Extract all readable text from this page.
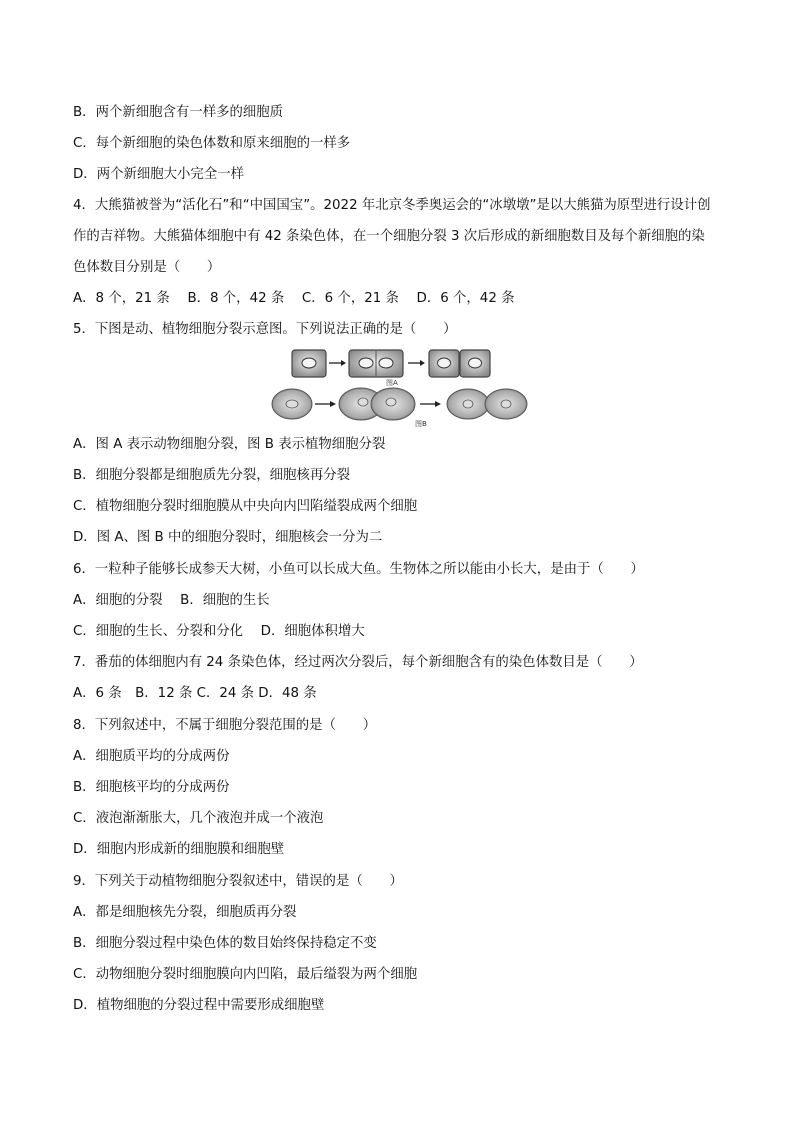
B．两个新细胞含有一样多的细胞质
C．每个新细胞的染色体数和原来细胞的一样多
D．两个新细胞大小完全一样
4．大熊猫被誉为“活化石”和“中国国宝”。2022 年北京冬季奥运会的“冰墩墩”是以大熊猫为原型进行设计创
作的吉祥物。大熊猫体细胞中有 42 条染色体，在一个细胞分裂 3 次后形成的新细胞数目及每个新细胞的染
色体数目分别是（　　）
A．8 个，21 条　 B．8 个，42 条　 C．6 个，21 条　 D．6 个，42 条
5．下图是动、植物细胞分裂示意图。下列说法正确的是（　　）
图A
图B
A．图 A 表示动物细胞分裂，图 B 表示植物细胞分裂
B．细胞分裂都是细胞质先分裂，细胞核再分裂
C．植物细胞分裂时细胞膜从中央向内凹陷缢裂成两个细胞
D．图 A、图 B 中的细胞分裂时，细胞核会一分为二
6．一粒种子能够长成参天大树，小鱼可以长成大鱼。生物体之所以能由小长大，是由于（　　）
A．细胞的分裂　 B．细胞的生长
C．细胞的生长、分裂和分化　 D．细胞体积增大
7．番茄的体细胞内有 24 条染色体，经过两次分裂后，每个新细胞含有的染色体数目是（　　）
A．6 条　B．12 条 C．24 条 D．48 条
8．下列叙述中，不属于细胞分裂范围的是（　　）
A．细胞质平均的分成两份
B．细胞核平均的分成两份
C．液泡渐渐胀大，几个液泡并成一个液泡
D．细胞内形成新的细胞膜和细胞壁
9．下列关于动植物细胞分裂叙述中，错误的是（　　）
A．都是细胞核先分裂，细胞质再分裂
B．细胞分裂过程中染色体的数目始终保持稳定不变
C．动物细胞分裂时细胞膜向内凹陷，最后缢裂为两个细胞
D．植物细胞的分裂过程中需要形成细胞壁
